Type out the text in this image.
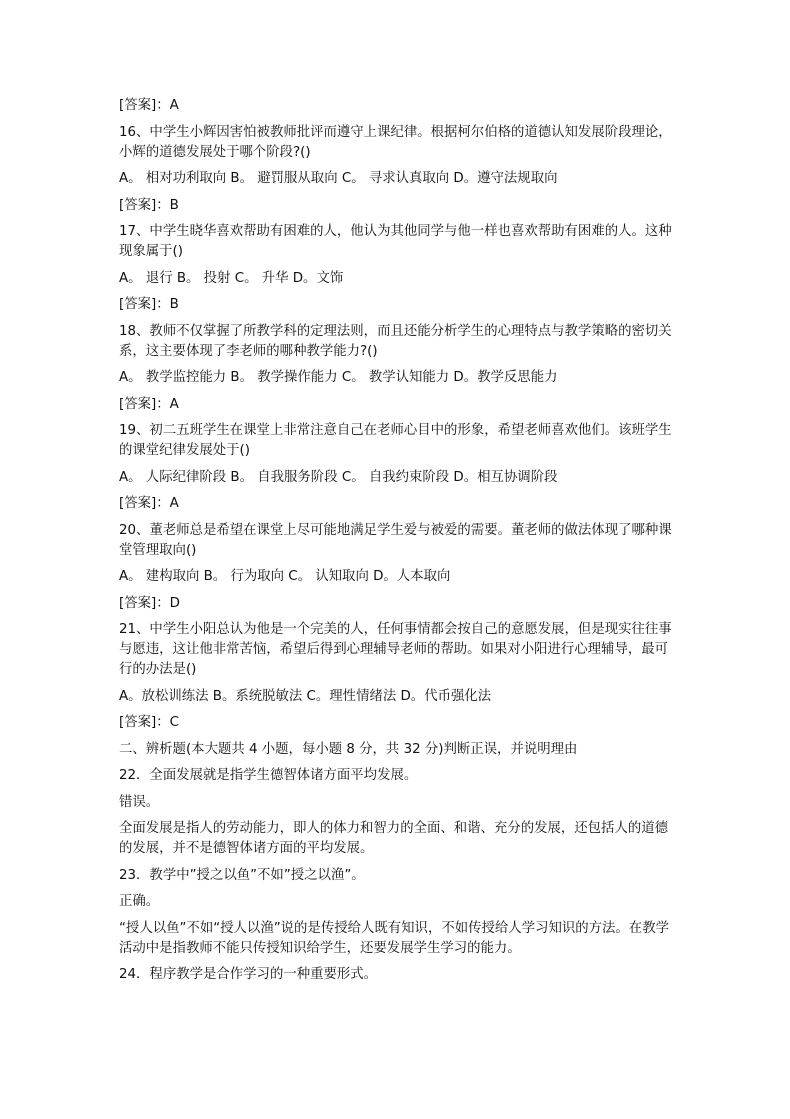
[答案]：A

16、中学生小辉因害怕被教师批评而遵守上课纪律。根据柯尔伯格的道德认知发展阶段理论，小辉的道德发展处于哪个阶段?()

A。 相对功利取向 B。 避罚服从取向 C。 寻求认真取向 D。遵守法规取向

[答案]：B

17、中学生晓华喜欢帮助有困难的人，他认为其他同学与他一样也喜欢帮助有困难的人。这种现象属于()

A。 退行 B。 投射 C。 升华 D。文饰

[答案]：B

18、教师不仅掌握了所教学科的定理法则，而且还能分析学生的心理特点与教学策略的密切关系，这主要体现了李老师的哪种教学能力?()

A。 教学监控能力 B。 教学操作能力 C。 教学认知能力 D。教学反思能力

[答案]：A

19、初二五班学生在课堂上非常注意自己在老师心目中的形象，希望老师喜欢他们。该班学生的课堂纪律发展处于()

A。 人际纪律阶段 B。 自我服务阶段 C。 自我约束阶段 D。相互协调阶段

[答案]：A

20、董老师总是希望在课堂上尽可能地满足学生爱与被爱的需要。董老师的做法体现了哪种课堂管理取向()

A。 建构取向 B。 行为取向 C。 认知取向 D。人本取向

[答案]：D

21、中学生小阳总认为他是一个完美的人，任何事情都会按自己的意愿发展，但是现实往往事与愿违，这让他非常苦恼，希望后得到心理辅导老师的帮助。如果对小阳进行心理辅导，最可行的办法是()

A。放松训练法 B。系统脱敏法 C。理性情绪法 D。代币强化法

[答案]：C

二、辨析题(本大题共 4 小题，每小题 8 分，共 32 分)判断正误，并说明理由

22．全面发展就是指学生德智体诸方面平均发展。

错误。

全面发展是指人的劳动能力，即人的体力和智力的全面、和谐、充分的发展，还包括人的道德的发展，并不是德智体诸方面的平均发展。

23．教学中”授之以鱼”不如”授之以渔”。

正确。

“授人以鱼”不如“授人以渔”说的是传授给人既有知识，不如传授给人学习知识的方法。在教学活动中是指教师不能只传授知识给学生，还要发展学生学习的能力。

24．程序教学是合作学习的一种重要形式。
